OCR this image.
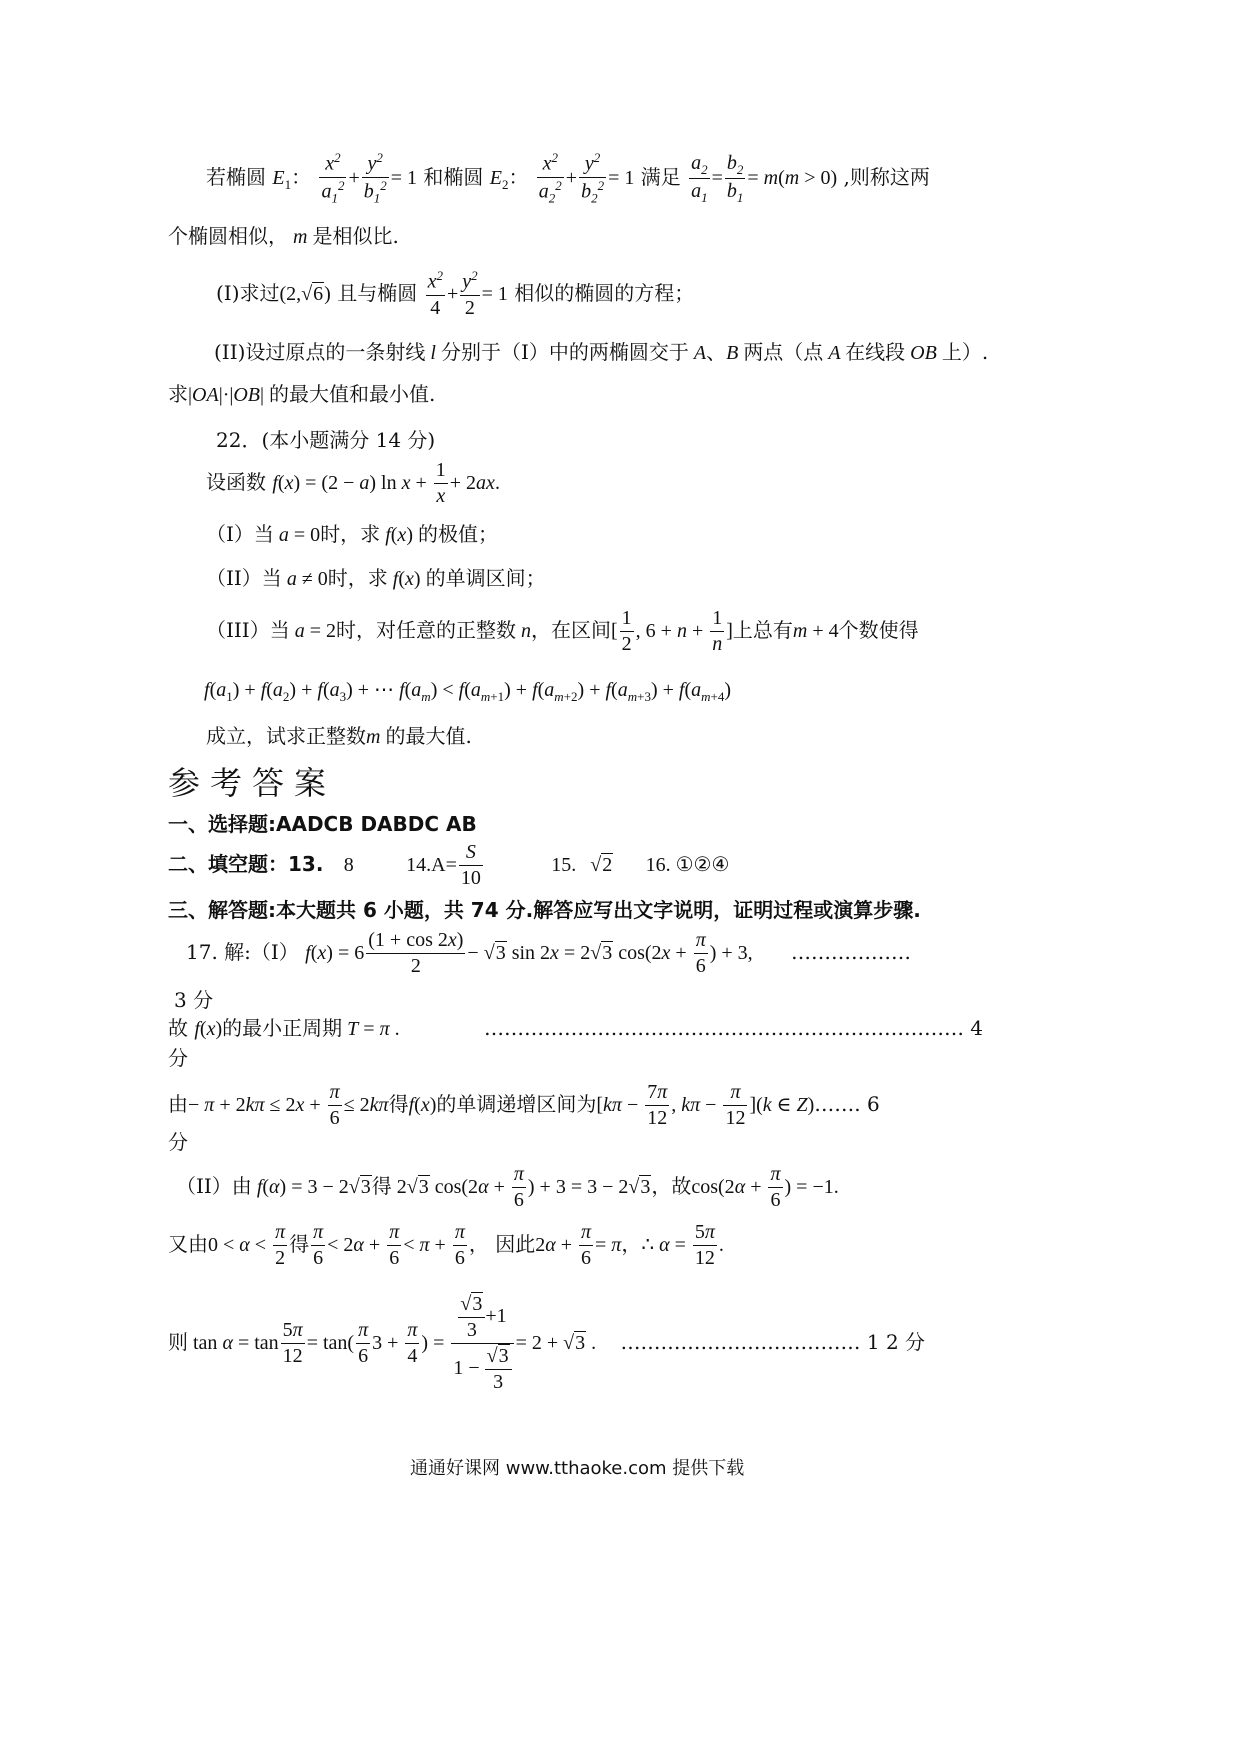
若椭圆 $E_1$： $\frac{x^2}{a_1^2} + \frac{y^2}{b_1^2} = 1$ 和椭圆 $E_2$： $\frac{x^2}{a_2^2} + \frac{y^2}{b_2^2} = 1$ 满足 $\frac{a_2}{a_1} = \frac{b_2}{b_1} = m(m > 0)$ ,则称这两
个椭圆相似， m 是相似比.
(I)求过(2,√6) 且与椭圆 $\frac{x^2}{4} + \frac{y^2}{2} = 1$ 相似的椭圆的方程；
(II)设过原点的一条射线 l 分别于（I）中的两椭圆交于 A、B 两点（点 A 在线段 OB 上）.
求|OA|·|OB| 的最大值和最小值.
22．(本小题满分 14 分)
设函数 f(x) = (2 − a) $\ln x + \frac{1}{x} + 2ax$.
（I）当 a = 0时，求 f(x) 的极值；
（II）当 a ≠ 0时，求 f(x) 的单调区间；
（III）当 a = 2时，对任意的正整数 n，在区间[ $\frac{1}{2}$ , $6 + n + \frac{1}{n}$ ]上总有m + 4个数使得
$f(a_1) + f(a_2) + f(a_3)$ + ⋯ $f(a_m) < f(a_{m+1}) + f(a_{m+2}) + f(a_{m+3}) + f(a_{m+4})$
成立，试求正整数m 的最大值.
参考答案
一、选择题:AADCB DABDC AB
二、填空题：13. 8	$14.A= \frac{S}{10}$	15. √2 16. ①②④
三、解答题:本大题共 6 小题，共 74 分.解答应写出文字说明，证明过程或演算步骤.
17. 解:（I） $f(x) = 6 \frac{(1 + \cos 2x)}{2} - √3$ sin 2x = 2√3 $\cos(2x + \frac{\pi}{6}$ ) + 3, ………………
3 分
故 f(x)的最小正周期 T = π .	……………………………………………………………… 4
分
由− $\pi + 2k\pi \le 2x + \frac{\pi}{6} \le 2k\pi$得f(x)的单调递增区间为[$k\pi - \frac{7\pi}{12}$ , $k\pi - \frac{\pi}{12} ](k$ ∈ Z)……. 6
分
（II）由 f(α) = 3 − 2√3得 2√3 $\cos(2\alpha + \frac{\pi}{6}$ ) + 3 = 3 − 2√3，故$\cos(2\alpha + \frac{\pi}{6}$ ) = −1.
又由$0 < \alpha < \frac{\pi}{2}$ 得 $\frac{\pi}{6} < 2\alpha + \frac{\pi}{6} < \pi + \frac{\pi}{6}$ ， 因此$2\alpha + \frac{\pi}{6} = \pi$，∴ $\alpha = \frac{5\pi}{12}$ .
则 $\tan \alpha = \tan \frac{5\pi}{12} = \tan( \frac{\pi}{6} 3 + \frac{\pi}{4}$ ) = $\frac{\frac{√3}{3} +1}{1 - \frac{√3}{3}} = 2 + √3$ . ……………………………… 1 2 分
通通好课网 www.tthaoke.com 提供下载
